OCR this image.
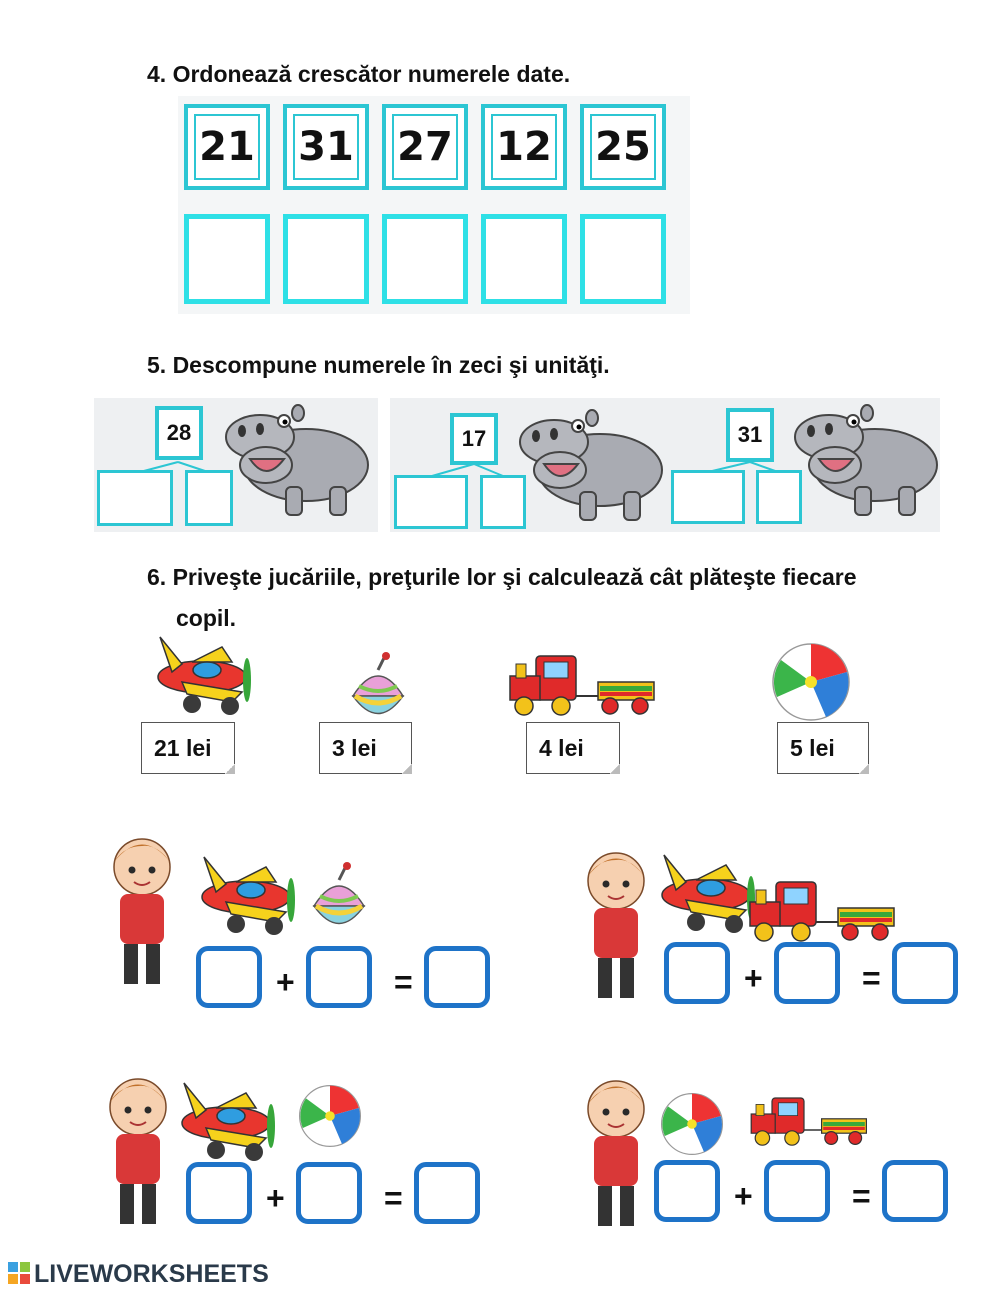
4. Ordonează crescător numerele date.
21 31 27 12 25
5. Descompune numerele în zeci şi unităţi.
28	17	31
6. Priveşte jucăriile, preţurile lor şi calculează cât plăteşte fiecare
copil.
21 lei	3 lei	4 lei	5 lei
+	=	+	=
+	=	+	=
LIVEWORKSHEETS
